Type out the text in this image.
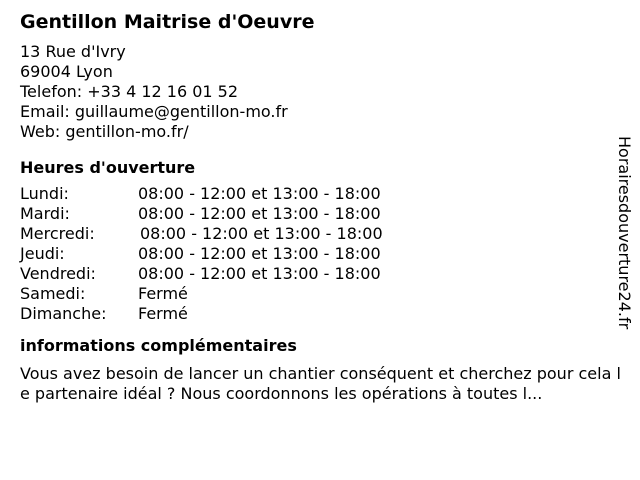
Gentillon Maitrise d'Oeuvre
13 Rue d'Ivry
69004 Lyon
Telefon: +33 4 12 16 01 52
Email: guillaume@gentillon-mo.fr
Web: gentillon-mo.fr/
Heures d'ouverture
Lundi:	08:00 - 12:00 et 13:00 - 18:00
Mardi:	08:00 - 12:00 et 13:00 - 18:00
Mercredi:	08:00 - 12:00 et 13:00 - 18:00
Jeudi:	08:00 - 12:00 et 13:00 - 18:00
Vendredi:	08:00 - 12:00 et 13:00 - 18:00
Samedi:	Fermé
Dimanche:	Fermé
informations complémentaires
Vous avez besoin de lancer un chantier conséquent et cherchez pour cela le partenaire idéal ? Nous coordonnons les opérations à toutes l...
Horairesdouverture24.fr
